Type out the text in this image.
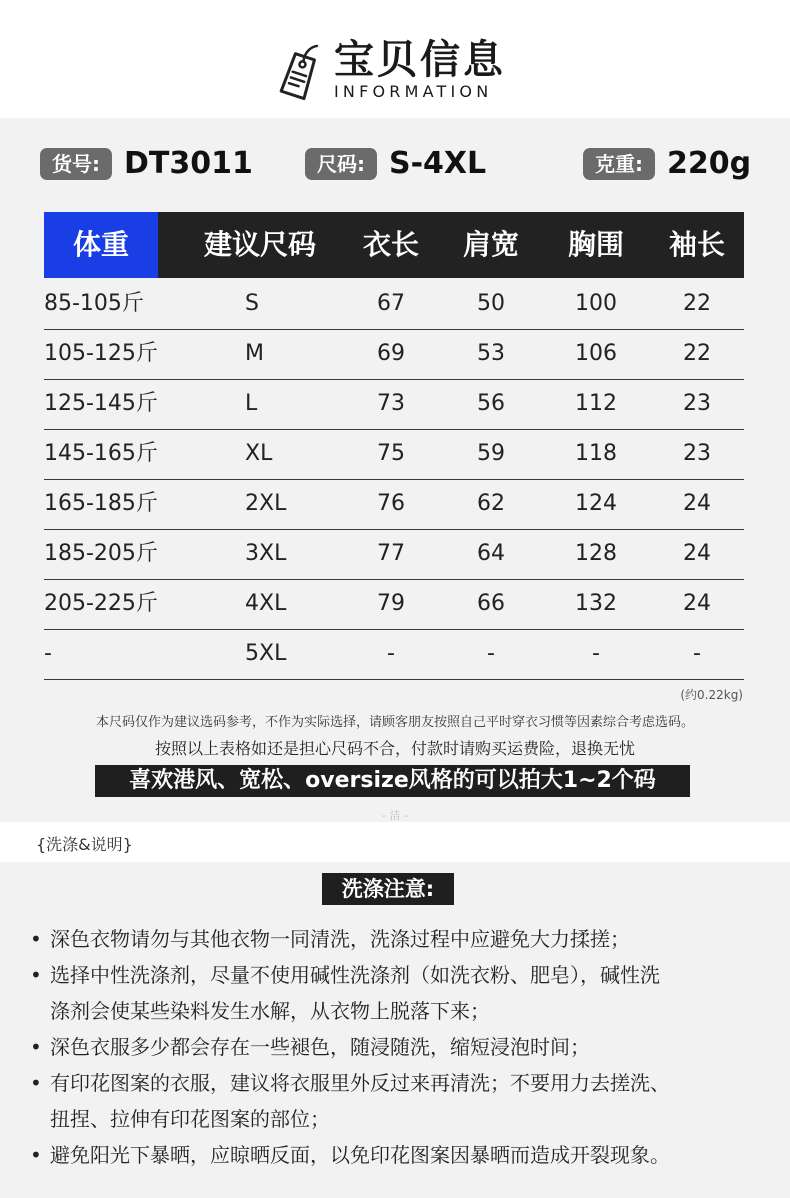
宝贝信息
INFORMATION
货号: DT3011	尺码: S-4XL	克重: 220g
体重	建议尺码	衣长	肩宽	胸围	袖长
85-105斤	S	67	50	100	22
105-125斤	M	69	53	106	22
125-145斤	L	73	56	112	23
145-165斤	XL	75	59	118	23
165-185斤	2XL	76	62	124	24
185-205斤	3XL	77	64	128	24
205-225斤	4XL	79	66	132	24
-	5XL	-	-	-	-
(约0.22kg)
本尺码仅作为建议选码参考，不作为实际选择，请顾客朋友按照自己平时穿衣习惯等因素综合考虑选码。
按照以上表格如还是担心尺码不合，付款时请购买运费险，退换无忧
喜欢港风、宽松、oversize风格的可以拍大1~2个码
- 洁 -
{洗涤&说明}
洗涤注意:
• 深色衣物请勿与其他衣物一同清洗，洗涤过程中应避免大力揉搓；
• 选择中性洗涤剂，尽量不使用碱性洗涤剂（如洗衣粉、肥皂），碱性洗
涤剂会使某些染料发生水解，从衣物上脱落下来；
• 深色衣服多少都会存在一些褪色，随浸随洗，缩短浸泡时间；
• 有印花图案的衣服，建议将衣服里外反过来再清洗；不要用力去搓洗、
扭捏、拉伸有印花图案的部位；
• 避免阳光下暴晒，应晾晒反面，以免印花图案因暴晒而造成开裂现象。
